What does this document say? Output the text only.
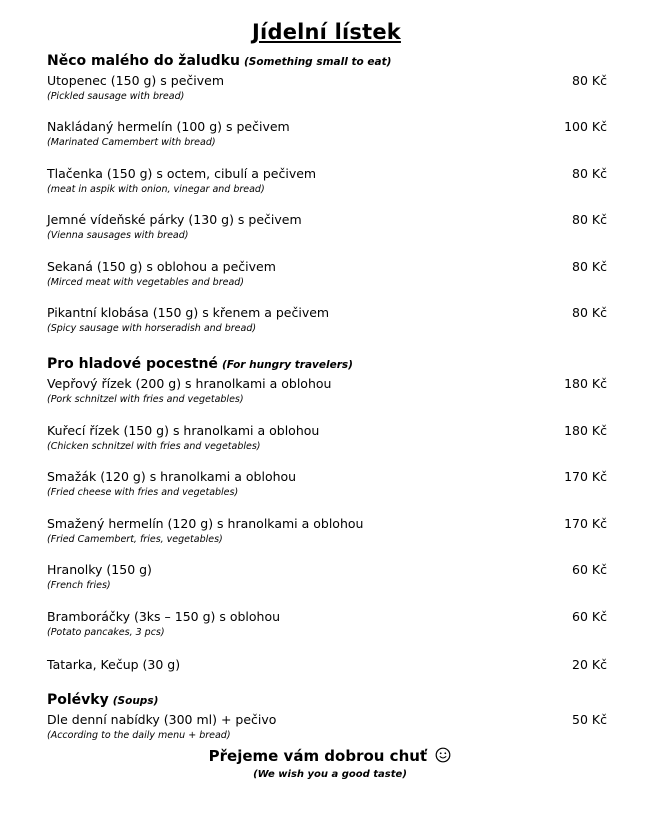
Jídelní lístek
Něco malého do žaludku (Something small to eat)
Utopenec (150 g) s pečivem
(Pickled sausage with bread)
80 Kč
Nakládaný hermelín (100 g) s pečivem
(Marinated Camembert with bread)
100 Kč
Tlačenka (150 g) s octem, cibulí a pečivem
(meat in aspik with onion, vinegar and bread)
80 Kč
Jemné vídeňské párky (130 g) s pečivem
(Vienna sausages with bread)
80 Kč
Sekaná (150 g) s oblohou a pečivem
(Mirced meat with vegetables and bread)
80 Kč
Pikantní klobása (150 g) s křenem a pečivem
(Spicy sausage with horseradish and bread)
80 Kč
Pro hladové pocestné (For hungry travelers)
Vepřový řízek (200 g) s hranolkami a oblohou
(Pork schnitzel with fries and vegetables)
180 Kč
Kuřecí řízek (150 g) s hranolkami a oblohou
(Chicken schnitzel with fries and vegetables)
180 Kč
Smažák (120 g) s hranolkami a oblohou
(Fried cheese with fries and vegetables)
170 Kč
Smažený hermelín (120 g) s hranolkami a oblohou
(Fried Camembert, fries, vegetables)
170 Kč
Hranolky (150 g)
(French fries)
60 Kč
Bramboráčky (3ks – 150 g) s oblohou
(Potato pancakes, 3 pcs)
60 Kč
Tatarka, Kečup (30 g)	20 Kč
Polévky (Soups)
Dle denní nabídky (300 ml) + pečivo
(According to the daily menu + bread)
50 Kč
Přejeme vám dobrou chuť
(We wish you a good taste)
